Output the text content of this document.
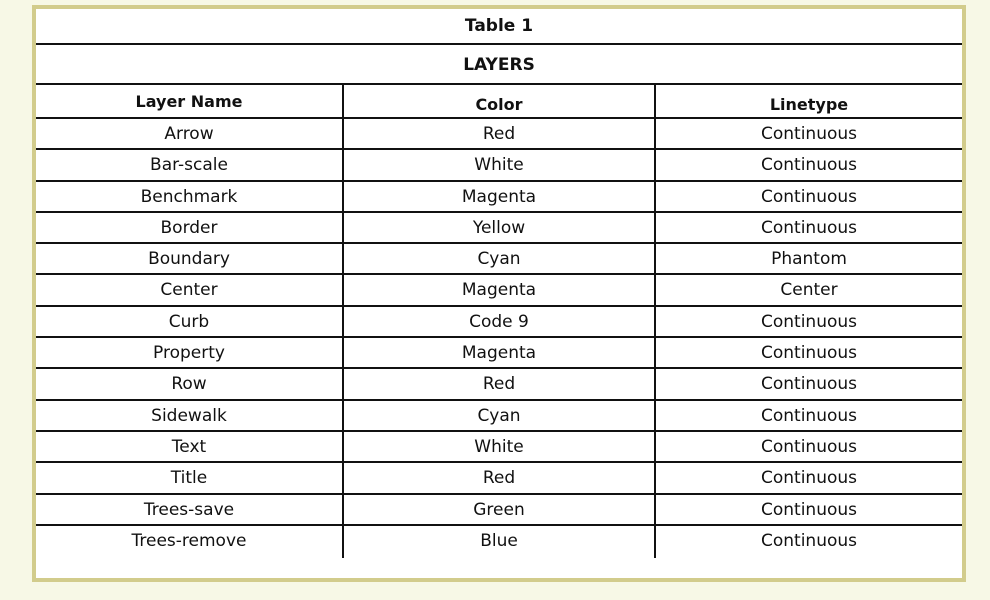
Table 1
LAYERS
Layer Name	Color	Linetype
Arrow	Red	Continuous
Bar-scale	White	Continuous
Benchmark	Magenta	Continuous
Border	Yellow	Continuous
Boundary	Cyan	Phantom
Center	Magenta	Center
Curb	Code 9	Continuous
Property	Magenta	Continuous
Row	Red	Continuous
Sidewalk	Cyan	Continuous
Text	White	Continuous
Title	Red	Continuous
Trees-save	Green	Continuous
Trees-remove	Blue	Continuous
